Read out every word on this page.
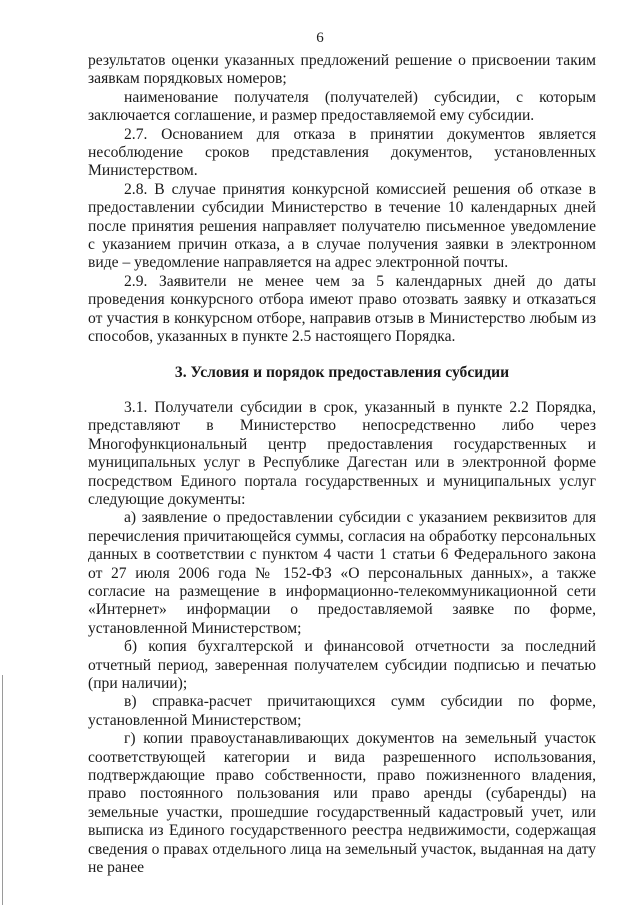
6

результатов оценки указанных предложений решение о присвоении таким заявкам порядковых номеров;

наименование получателя (получателей) субсидии, с которым заключается соглашение, и размер предоставляемой ему субсидии.

2.7. Основанием для отказа в принятии документов является несоблюдение сроков представления документов, установленных Министерством.

2.8. В случае принятия конкурсной комиссией решения об отказе в предоставлении субсидии Министерство в течение 10 календарных дней после принятия решения направляет получателю письменное уведомление с указанием причин отказа, а в случае получения заявки в электронном виде – уведомление направляется на адрес электронной почты.

2.9. Заявители не менее чем за 5 календарных дней до даты проведения конкурсного отбора имеют право отозвать заявку и отказаться от участия в конкурсном отборе, направив отзыв в Министерство любым из способов, указанных в пункте 2.5 настоящего Порядка.

3. Условия и порядок предоставления субсидии

3.1. Получатели субсидии в срок, указанный в пункте 2.2 Порядка, представляют в Министерство непосредственно либо через Многофункциональный центр предоставления государственных и муниципальных услуг в Республике Дагестан или в электронной форме посредством Единого портала государственных и муниципальных услуг следующие документы:

а) заявление о предоставлении субсидии с указанием реквизитов для перечисления причитающейся суммы, согласия на обработку персональных данных в соответствии с пунктом 4 части 1 статьи 6 Федерального закона от 27 июля 2006 года № 152-ФЗ «О персональных данных», а также согласие на размещение в информационно-телекоммуникационной сети «Интернет» информации о предоставляемой заявке по форме, установленной Министерством;

б) копия бухгалтерской и финансовой отчетности за последний отчетный период, заверенная получателем субсидии подписью и печатью (при наличии);

в) справка-расчет причитающихся сумм субсидии по форме, установленной Министерством;

г) копии правоустанавливающих документов на земельный участок соответствующей категории и вида разрешенного использования, подтверждающие право собственности, право пожизненного владения, право постоянного пользования или право аренды (субаренды) на земельные участки, прошедшие государственный кадастровый учет, или выписка из Единого государственного реестра недвижимости, содержащая сведения о правах отдельного лица на земельный участок, выданная на дату не ранее
